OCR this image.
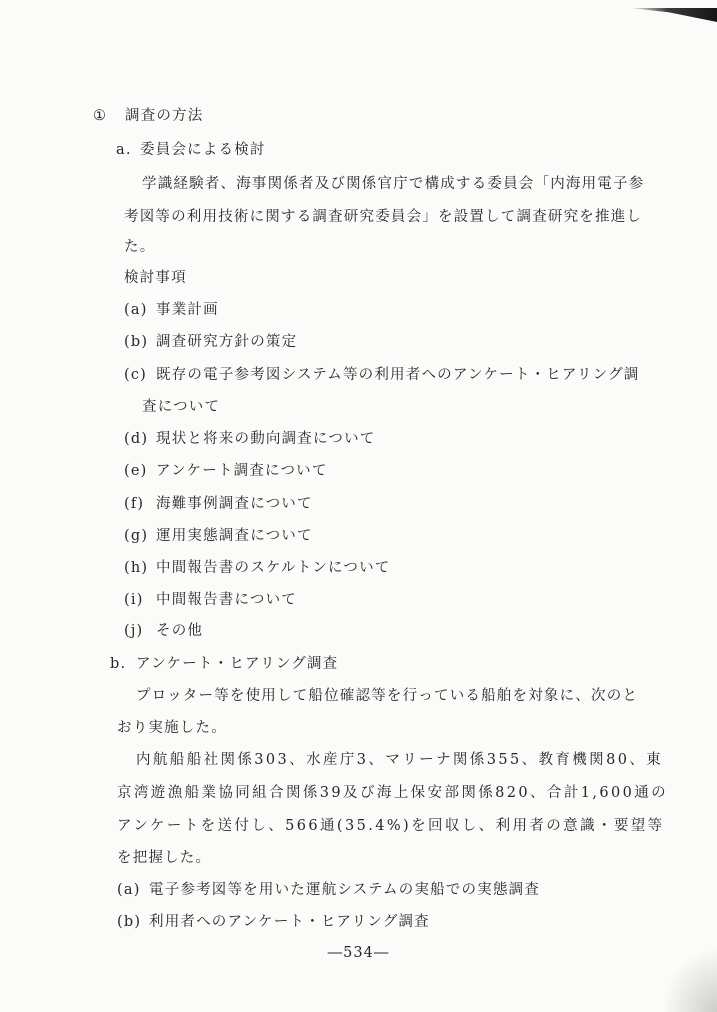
① 調査の方法
a. 委員会による検討
学識経験者、海事関係者及び関係官庁で構成する委員会「内海用電子参
考図等の利用技術に関する調査研究委員会」を設置して調査研究を推進し
た。
検討事項
(a) 事業計画
(b) 調査研究方針の策定
(c) 既存の電子参考図システム等の利用者へのアンケート・ヒアリング調
査について
(d) 現状と将来の動向調査について
(e) アンケート調査について
(f) 海難事例調査について
(g) 運用実態調査について
(h) 中間報告書のスケルトンについて
(i) 中間報告書について
(j) その他
b. アンケート・ヒアリング調査
プロッター等を使用して船位確認等を行っている船舶を対象に、次のと
おり実施した。
内航船船社関係303、水産庁3、マリーナ関係355、教育機関80、東
京湾遊漁船業協同組合関係39及び海上保安部関係820、合計1,600通の
アンケートを送付し、566通(35.4%)を回収し、利用者の意識・要望等
を把握した。
(a) 電子参考図等を用いた運航システムの実船での実態調査
(b) 利用者へのアンケート・ヒアリング調査
―534―
